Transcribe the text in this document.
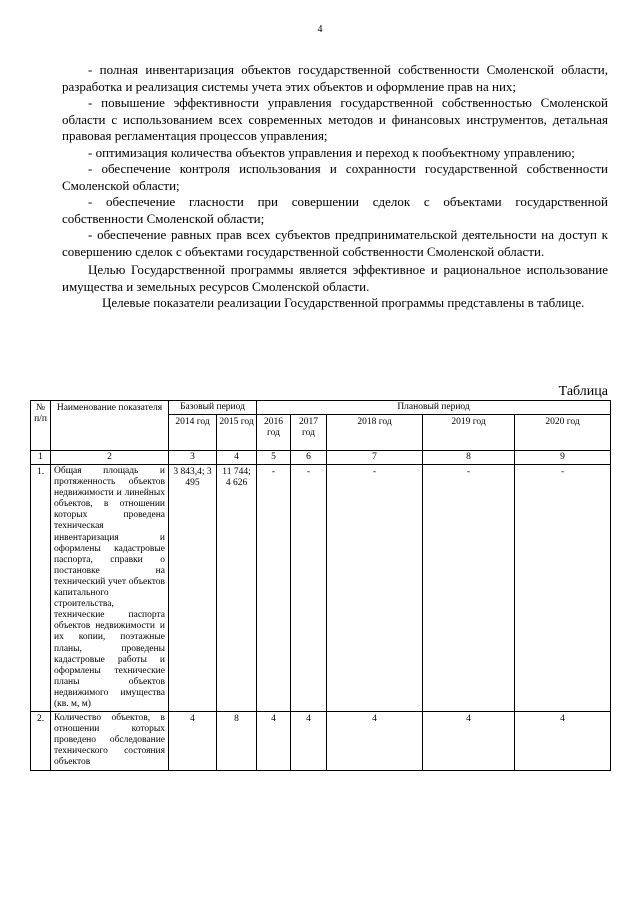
4

- полная инвентаризация объектов государственной собственности Смоленской области, разработка и реализация системы учета этих объектов и оформление прав на них;

- повышение эффективности управления государственной собственностью Смоленской области с использованием всех современных методов и финансовых инструментов, детальная правовая регламентация процессов управления;

- оптимизация количества объектов управления и переход к пообъектному управлению;

- обеспечение контроля использования и сохранности государственной собственности Смоленской области;

- обеспечение гласности при совершении сделок с объектами государственной собственности Смоленской области;

- обеспечение равных прав всех субъектов предпринимательской деятельности на доступ к совершению сделок с объектами государственной собственности Смоленской области.

Целью Государственной программы является эффективное и рациональное использование имущества и земельных ресурсов Смоленской области.

Целевые показатели реализации Государственной программы представлены в таблице.

Таблица
№ п/п	Наименование показателя	Базовый период		Плановый период				
		2014 год	2015 год	2016 год	2017 год	2018 год	2019 год	2020 год
1	2	3	4	5	6	7	8	9
1.	Общая площадь и протяженность объектов недвижимости и линейных объектов, в отношении которых проведена техническая инвентаризация и оформлены кадастровые паспорта, справки о постановке на технический учет объектов капитального строительства, технические паспорта объектов недвижимости и их копии, поэтажные планы, проведены кадастровые работы и оформлены технические планы объектов недвижимого имущества (кв. м, м)	3 843,4; 3 495	11 744; 4 626	-	-	-	-	-
2.	Количество объектов, в отношении которых проведено обследование технического состояния объектов	4	8	4	4	4	4	4
